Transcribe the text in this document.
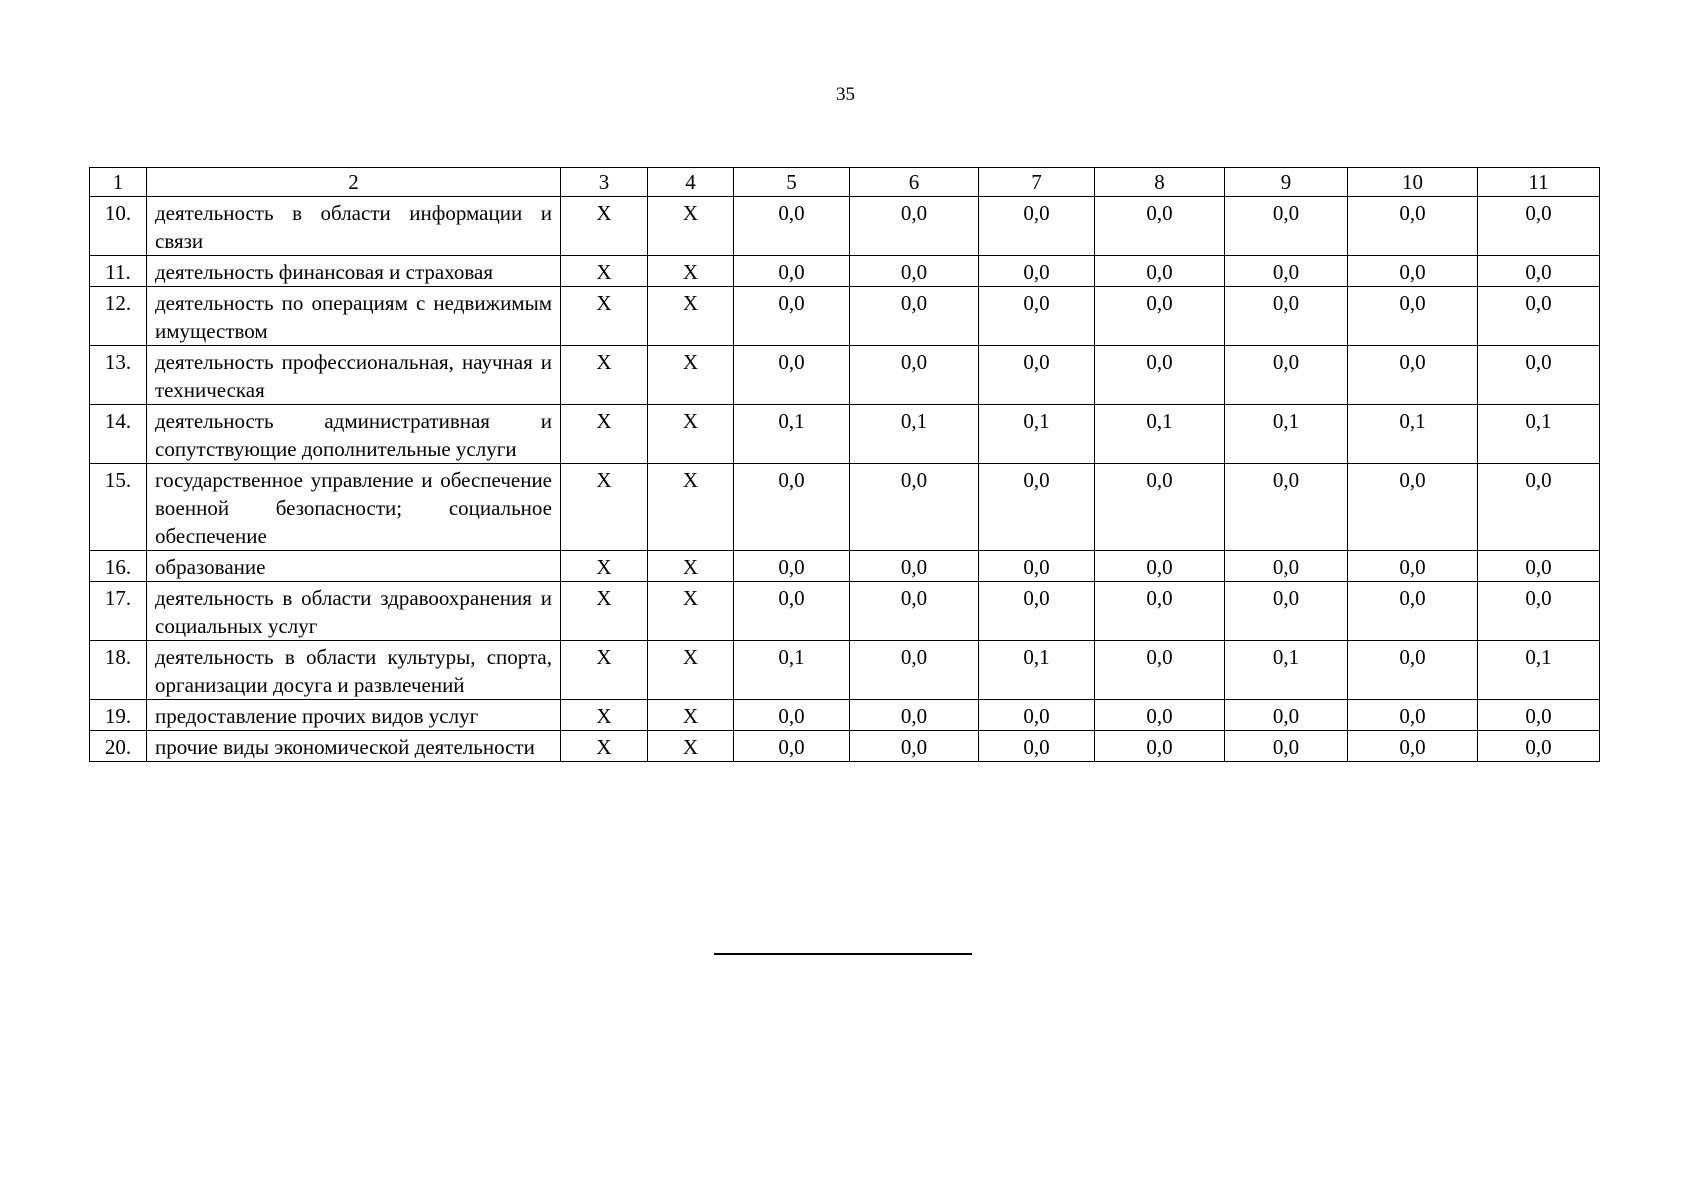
35
1	2	3	4	5	6	7	8	9	10	11
10.	деятельность в области информации и связи	X	X	0,0	0,0	0,0	0,0	0,0	0,0	0,0
11.	деятельность финансовая и страховая	X	X	0,0	0,0	0,0	0,0	0,0	0,0	0,0
12.	деятельность по операциям с недвижимым имуществом	X	X	0,0	0,0	0,0	0,0	0,0	0,0	0,0
13.	деятельность профессиональная, научная и техническая	X	X	0,0	0,0	0,0	0,0	0,0	0,0	0,0
14.	деятельность административная и сопутствующие дополнительные услуги	X	X	0,1	0,1	0,1	0,1	0,1	0,1	0,1
15.	государственное управление и обеспечение военной безопасности; социальное обеспечение	X	X	0,0	0,0	0,0	0,0	0,0	0,0	0,0
16.	образование	X	X	0,0	0,0	0,0	0,0	0,0	0,0	0,0
17.	деятельность в области здравоохранения и социальных услуг	X	X	0,0	0,0	0,0	0,0	0,0	0,0	0,0
18.	деятельность в области культуры, спорта, организации досуга и развлечений	X	X	0,1	0,0	0,1	0,0	0,1	0,0	0,1
19.	предоставление прочих видов услуг	X	X	0,0	0,0	0,0	0,0	0,0	0,0	0,0
20.	прочие виды экономической деятельности	X	X	0,0	0,0	0,0	0,0	0,0	0,0	0,0
